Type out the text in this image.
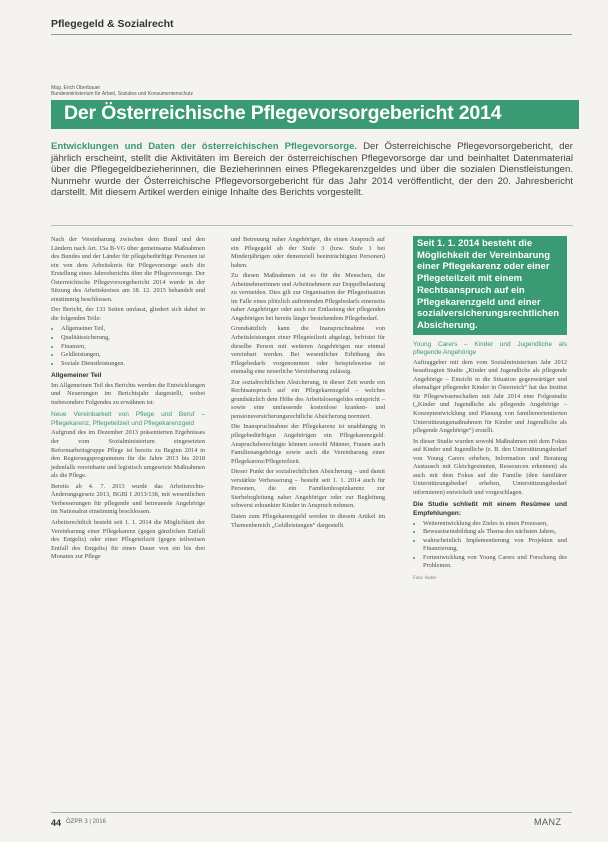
Pflegegeld & Sozialrecht
Mag. Erich Oberbauer
Bundesministerium für Arbeit, Soziales und Konsumentenschutz
Der Österreichische Pflegevorsorgebericht 2014
Entwicklungen und Daten der österreichischen Pflegevorsorge. Der Österreichische Pflegevorsorgebericht, der jährlich erscheint, stellt die Aktivitäten im Bereich der österreichischen Pflegevorsorge dar und beinhaltet Datenmaterial über die Pflegegeldbezieherinnen, die Bezieherinnen eines Pflegekarenzgeldes und über die sozialen Dienstleistungen. Nunmehr wurde der Österreichische Pflegevorsorgebericht für das Jahr 2014 veröffentlicht, der den 20. Jahresbericht darstellt. Mit diesem Artikel werden einige Inhalte des Berichts vorgestellt.

Nach der Vereinbarung zwischen dem Bund und den Ländern nach Art. 15a B-VG über gemeinsame Maßnahmen des Bundes und der Länder für pflegebedürftige Personen ist ein von dem Arbeitskreis für Pflegevorsorge auch die Erstellung eines Jahresberichts über die Pflegevorsorge. Der Österreichische Pflegevorsorgebericht 2014 wurde in der Sitzung des Arbeitskreises am 18. 12. 2015 behandelt und einstimmig beschlossen.

Der Bericht, der 133 Seiten umfasst, gliedert sich dabei in die folgenden Teile:

• Allgemeiner Teil,
• Qualitätssicherung,
• Finanzen,
• Geldleistungen,
• Soziale Dienstleistungen.
Allgemeiner Teil

Im Allgemeinen Teil des Berichts werden die Entwicklungen und Neuerungen im Berichtsjahr dargestellt, wobei insbesondere Folgendes zu erwähnen ist:

Neue Vereinbarkeit von Pflege und Beruf – Pflegekarenz, Pflegeteilzeit und Pflegekarenzgeld

Aufgrund des im Dezember 2013 präsentierten Ergebnisses der vom Sozialministerium eingesetzten Reformarbeitsgruppe Pflege ist bereits zu Beginn 2014 in den Regierungsprogrammen für die Jahre 2013 bis 2018 jedenfalls vereinbarte und legistisch umgesetzte Maßnahmen als die Pflege.

Bereits ab 4. 7. 2013 wurde das Arbeitsrechts-Änderungsgesetz 2013, BGBl I 2013/138, mit wesentlichen Verbesserungen für pflegende und betreuende Angehörige im Nationalrat einstimmig beschlossen.

Arbeitsrechtlich besteht seit 1. 1. 2014 die Möglichkeit der Vereinbarung einer Pflegekarenz (gegen gänzlichen Entfall des Entgelts) oder einer Pflegeteilzeit (gegen teilweisen Entfall des Entgelts) für einen Dauer von ein bis drei Monaten zur Pflege

und Betreuung naher Angehöriger, die einen Anspruch auf ein Pflegegeld ab der Stufe 3 (bzw. Stufe 1 bei Minderjährigen oder demenziell beeinträchtigten Personen) haben.

Zu diesen Maßnahmen ist es für die Menschen, die Arbeitnehmerinnen und Arbeitnehmern zur Doppelbelastung zu vermeiden. Dies gilt zur Organisation der Pflegesituation im Falle eines plötzlich auftretenden Pflegebedarfs einerseits naher Angehöriger oder auch zur Entlastung der pflegenden Angehörigen bei bereits länger bestehendem Pflegebedarf.

Grundsätzlich kann die Inanspruchnahme von Arbeitsleistungen einer Pflegeteilzeit abgelegt, befristet für dieselbe Person mit weiteren Angehörigen nur einmal vereinbart werden. Bei wesentlicher Erhöhung des Pflegebedarfs vorgenommen oder beispielsweise ist einmalig eine neuerliche Vereinbarung zulässig.

Zur sozialrechtlichen Absicherung, in dieser Zeit wurde ein Rechtsanspruch auf ein Pflegekarenzgeld – welches grundsätzlich dem Höhe des Arbeitslosengeldes entspricht – sowie eine umfassende kostenlose kranken- und pensionsversicherungsrechtliche Absicherung normiert.

Die Inanspruchnahme der Pflegekarenz ist unabhängig in pflegebedürftigen Angehörigen ein Pflegekarenzgeld. Anspruchsberechtigte können sowohl Männer, Frauen auch Familienangehörige sowie auch die Vereinbarung einer Pflegekarenz/Pflegeteilzeit.

Dieser Punkt der sozialrechtlichen Absicherung – und damit verstärkte Verbesserung – besteht seit 1. 1. 2014 auch für Personen, die ein Familienhospizkarenz zur Sterbebegleitung naher Angehöriger oder zur Begleitung schwerst erkrankter Kinder in Anspruch nehmen.

Daten zum Pflegekarenzgeld werden in diesem Artikel im Themenbereich „Geldleistungen“ dargestellt.

Seit 1. 1. 2014 besteht die Möglichkeit der Vereinbarung einer Pflegekarenz oder einer Pflegeteilzeit mit einem Rechtsanspruch auf ein Pflegekarenzgeld und einer sozialversicherungsrechtlichen Absicherung.
Young Carers – Kinder und Jugendliche als pflegende Angehörige

Auftraggeber mit dem vom Sozialministerium Jahr 2012 beauftragten Studie „Kinder und Jugendliche als pflegende Angehörige – Einsicht in die Situation gegenwärtiger und ehemaliger pflegender Kinder in Österreich“ hat das Institut für Pflegewissenschaften mit Jahr 2014 eine Folgestudie („Kinder und Jugendliche als pflegende Angehörige – Konzeptentwicklung und Planung von familienorientierten Unterstützungsmaßnahmen für Kinder und Jugendliche als pflegende Angehörige“) erstellt.

In dieser Studie wurden sowohl Maßnahmen mit dem Fokus auf Kinder und Jugendliche (z. B. den Unterstützungsbedarf von Young Carers erheben, Information und Beratung Austausch mit Gleichgesinnten, Ressourcen erkennen) als auch mit dem Fokus auf die Familie (den familiärer Unterstützungsbedarf erheben, Unterstützungsbedarf informieren) entwickelt und vorgeschlagen.

Die Studie schließt mit einem Resümee und Empfehlungen:
• Weiterentwicklung des Zieles in einen Prozessen,
• Bewusstseinsbildung als Thema des nächsten Jahres,
• wahrscheinlich Implementierung von Projekten und Finanzierung,
• Fortentwicklung von Young Carers und Forschung des Problemen.
Foto: Autor
44 ÖZPR 3 | 2016	MANZ
